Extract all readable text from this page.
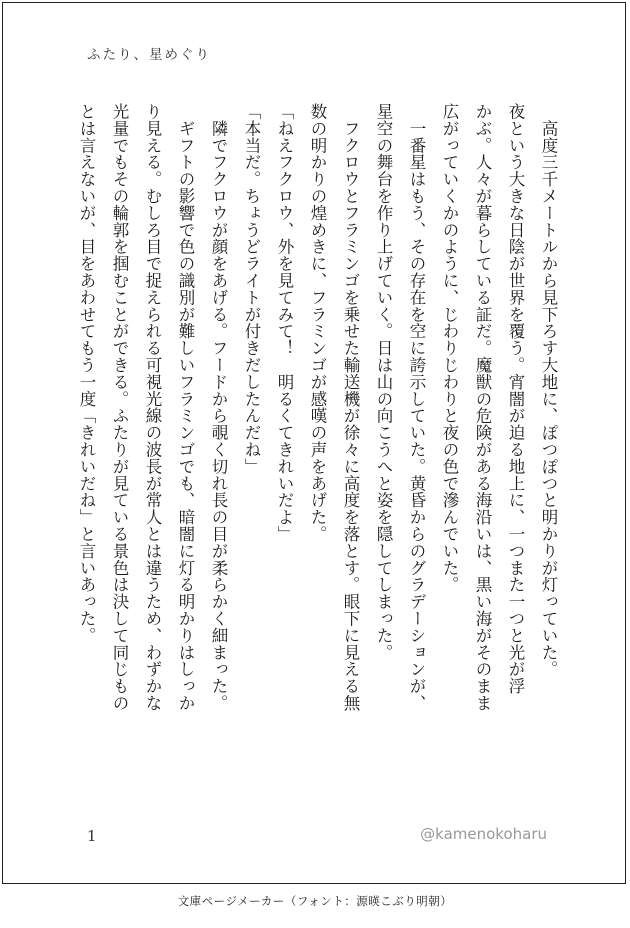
ふたり、星めぐり

　高度三千メートルから見下ろす大地に、ぽつぽつと明かりが灯っていた。

夜という大きな日陰が世界を覆う。宵闇が迫る地上に、一つまた一つと光が浮

かぶ。人々が暮らしている証だ。魔獣の危険がある海沿いは、黒い海がそのまま

広がっていくかのように、じわりじわりと夜の色で滲んでいた。

　一番星はもう、その存在を空に誇示していた。黄昏からのグラデーションが、

星空の舞台を作り上げていく。日は山の向こうへと姿を隠してしまった。

　フクロウとフラミンゴを乗せた輸送機が徐々に高度を落とす。眼下に見える無

数の明かりの煌めきに、フラミンゴが感嘆の声をあげた。

「ねえフクロウ、外を見てみて！　明るくてきれいだよ」

「本当だ。ちょうどライトが付きだしたんだね」

　隣でフクロウが顔をあげる。フードから覗く切れ長の目が柔らかく細まった。

　ギフトの影響で色の識別が難しいフラミンゴでも、暗闇に灯る明かりはしっか

り見える。むしろ目で捉えられる可視光線の波長が常人とは違うため、わずかな

光量でもその輪郭を掴むことができる。ふたりが見ている景色は決して同じもの

とは言えないが、目をあわせてもう一度「きれいだね」と言いあった。

1	@kamenokoharu
文庫ページメーカー（フォント：源暎こぶり明朝）
